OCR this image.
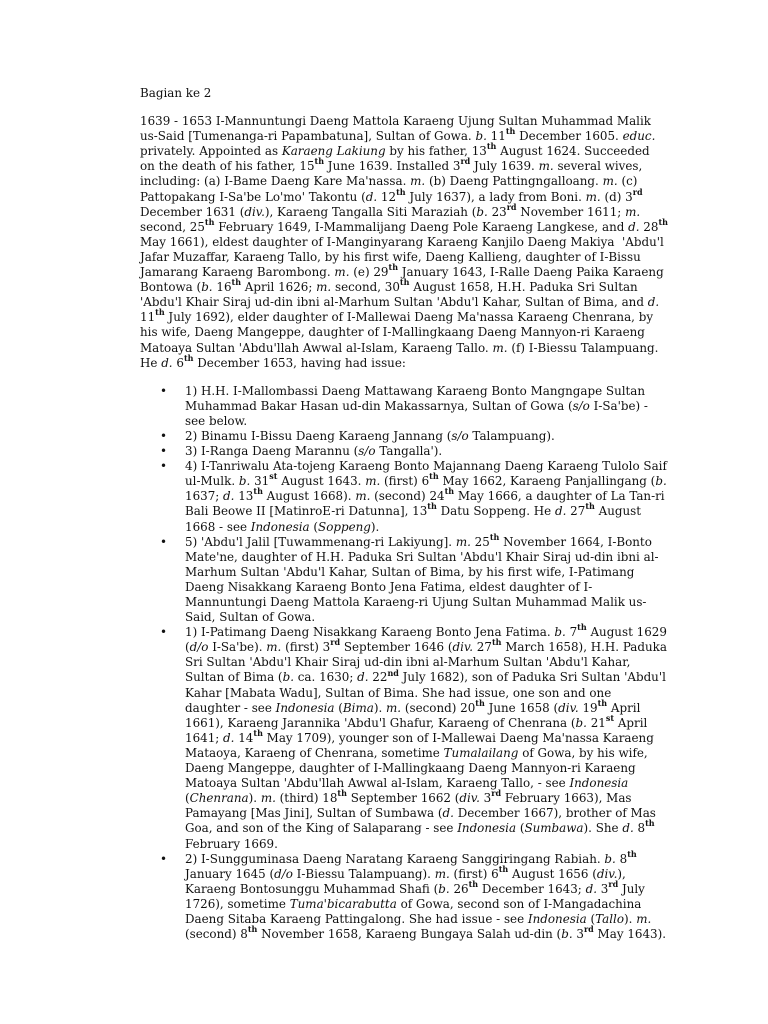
Bagian ke 2

1639 - 1653 I-Mannuntungi Daeng Mattola Karaeng Ujung Sultan Muhammad Malik us-Said [Tumenanga-ri Papambatuna], Sultan of Gowa. b. 11th December 1605. educ. privately. Appointed as Karaeng Lakiung by his father, 13th August 1624. Succeeded on the death of his father, 15th June 1639. Installed 3rd July 1639. m. several wives, including: (a) I-Bame Daeng Kare Ma'nassa. m. (b) Daeng Pattingngalloang. m. (c) Pattopakang I-Sa'be Lo'mo' Takontu (d. 12th July 1637), a lady from Boni. m. (d) 3rd December 1631 (div.), Karaeng Tangalla Siti Maraziah (b. 23rd November 1611; m. second, 25th February 1649, I-Mammalijang Daeng Pole Karaeng Langkese, and d. 28th May 1661), eldest daughter of I-Manginyarang Karaeng Kanjilo Daeng Makiya  'Abdu'l Jafar Muzaffar, Karaeng Tallo, by his first wife, Daeng Kallieng, daughter of I-Bissu Jamarang Karaeng Barombong. m. (e) 29th January 1643, I-Ralle Daeng Paika Karaeng Bontowa (b. 16th April 1626; m. second, 30th August 1658, H.H. Paduka Sri Sultan 'Abdu'l Khair Siraj ud-din ibni al-Marhum Sultan 'Abdu'l Kahar, Sultan of Bima, and d. 11th July 1692), elder daughter of I-Mallewai Daeng Ma'nassa Karaeng Chenrana, by his wife, Daeng Mangeppe, daughter of I-Mallingkaang Daeng Mannyon-ri Karaeng Matoaya Sultan 'Abdu'llah Awwal al-Islam, Karaeng Tallo. m. (f) I-Biessu Talampuang. He d. 6th December 1653, having had issue:

• 1) H.H. I-Mallombassi Daeng Mattawang Karaeng Bonto Mangngape Sultan Muhammad Bakar Hasan ud-din Makassarnya, Sultan of Gowa (s/o I-Sa'be) - see below.
• 2) Binamu I-Bissu Daeng Karaeng Jannang (s/o Talampuang).
• 3) I-Ranga Daeng Marannu (s/o Tangalla').
• 4) I-Tanriwalu Ata-tojeng Karaeng Bonto Majannang Daeng Karaeng Tulolo Saif ul-Mulk. b. 31st August 1643. m. (first) 6th May 1662, Karaeng Panjallingang (b. 1637; d. 13th August 1668). m. (second) 24th May 1666, a daughter of La Tan-ri Bali Beowe II [MatinroE-ri Datunna], 13th Datu Soppeng. He d. 27th August 1668 - see Indonesia (Soppeng).
• 5) 'Abdu'l Jalil [Tuwammenang-ri Lakiyung]. m. 25th November 1664, I-Bonto Mate'ne, daughter of H.H. Paduka Sri Sultan 'Abdu'l Khair Siraj ud-din ibni al-Marhum Sultan 'Abdu'l Kahar, Sultan of Bima, by his first wife, I-Patimang Daeng Nisakkang Karaeng Bonto Jena Fatima, eldest daughter of I-Mannuntungi Daeng Mattola Karaeng-ri Ujung Sultan Muhammad Malik us-Said, Sultan of Gowa.
• 1) I-Patimang Daeng Nisakkang Karaeng Bonto Jena Fatima. b. 7th August 1629 (d/o I-Sa'be). m. (first) 3rd September 1646 (div. 27th March 1658), H.H. Paduka Sri Sultan 'Abdu'l Khair Siraj ud-din ibni al-Marhum Sultan 'Abdu'l Kahar, Sultan of Bima (b. ca. 1630; d. 22nd July 1682), son of Paduka Sri Sultan 'Abdu'l Kahar [Mabata Wadu], Sultan of Bima. She had issue, one son and one daughter - see Indonesia (Bima). m. (second) 20th June 1658 (div. 19th April 1661), Karaeng Jarannika 'Abdu'l Ghafur, Karaeng of Chenrana (b. 21st April 1641; d. 14th May 1709), younger son of I-Mallewai Daeng Ma'nassa Karaeng Mataoya, Karaeng of Chenrana, sometime Tumalailang of Gowa, by his wife, Daeng Mangeppe, daughter of I-Mallingkaang Daeng Mannyon-ri Karaeng Matoaya Sultan 'Abdu'llah Awwal al-Islam, Karaeng Tallo, - see Indonesia (Chenrana). m. (third) 18th September 1662 (div. 3rd February 1663), Mas Pamayang [Mas Jini], Sultan of Sumbawa (d. December 1667), brother of Mas Goa, and son of the King of Salaparang - see Indonesia (Sumbawa). She d. 8th February 1669.
• 2) I-Sungguminasa Daeng Naratang Karaeng Sanggiringang Rabiah. b. 8th January 1645 (d/o I-Biessu Talampuang). m. (first) 6th August 1656 (div.), Karaeng Bontosunggu Muhammad Shafi (b. 26th December 1643; d. 3rd July 1726), sometime Tuma'bicarabutta of Gowa, second son of I-Mangadachina Daeng Sitaba Karaeng Pattingalong. She had issue - see Indonesia (Tallo). m. (second) 8th November 1658, Karaeng Bungaya Salah ud-din (b. 3rd May 1643).
